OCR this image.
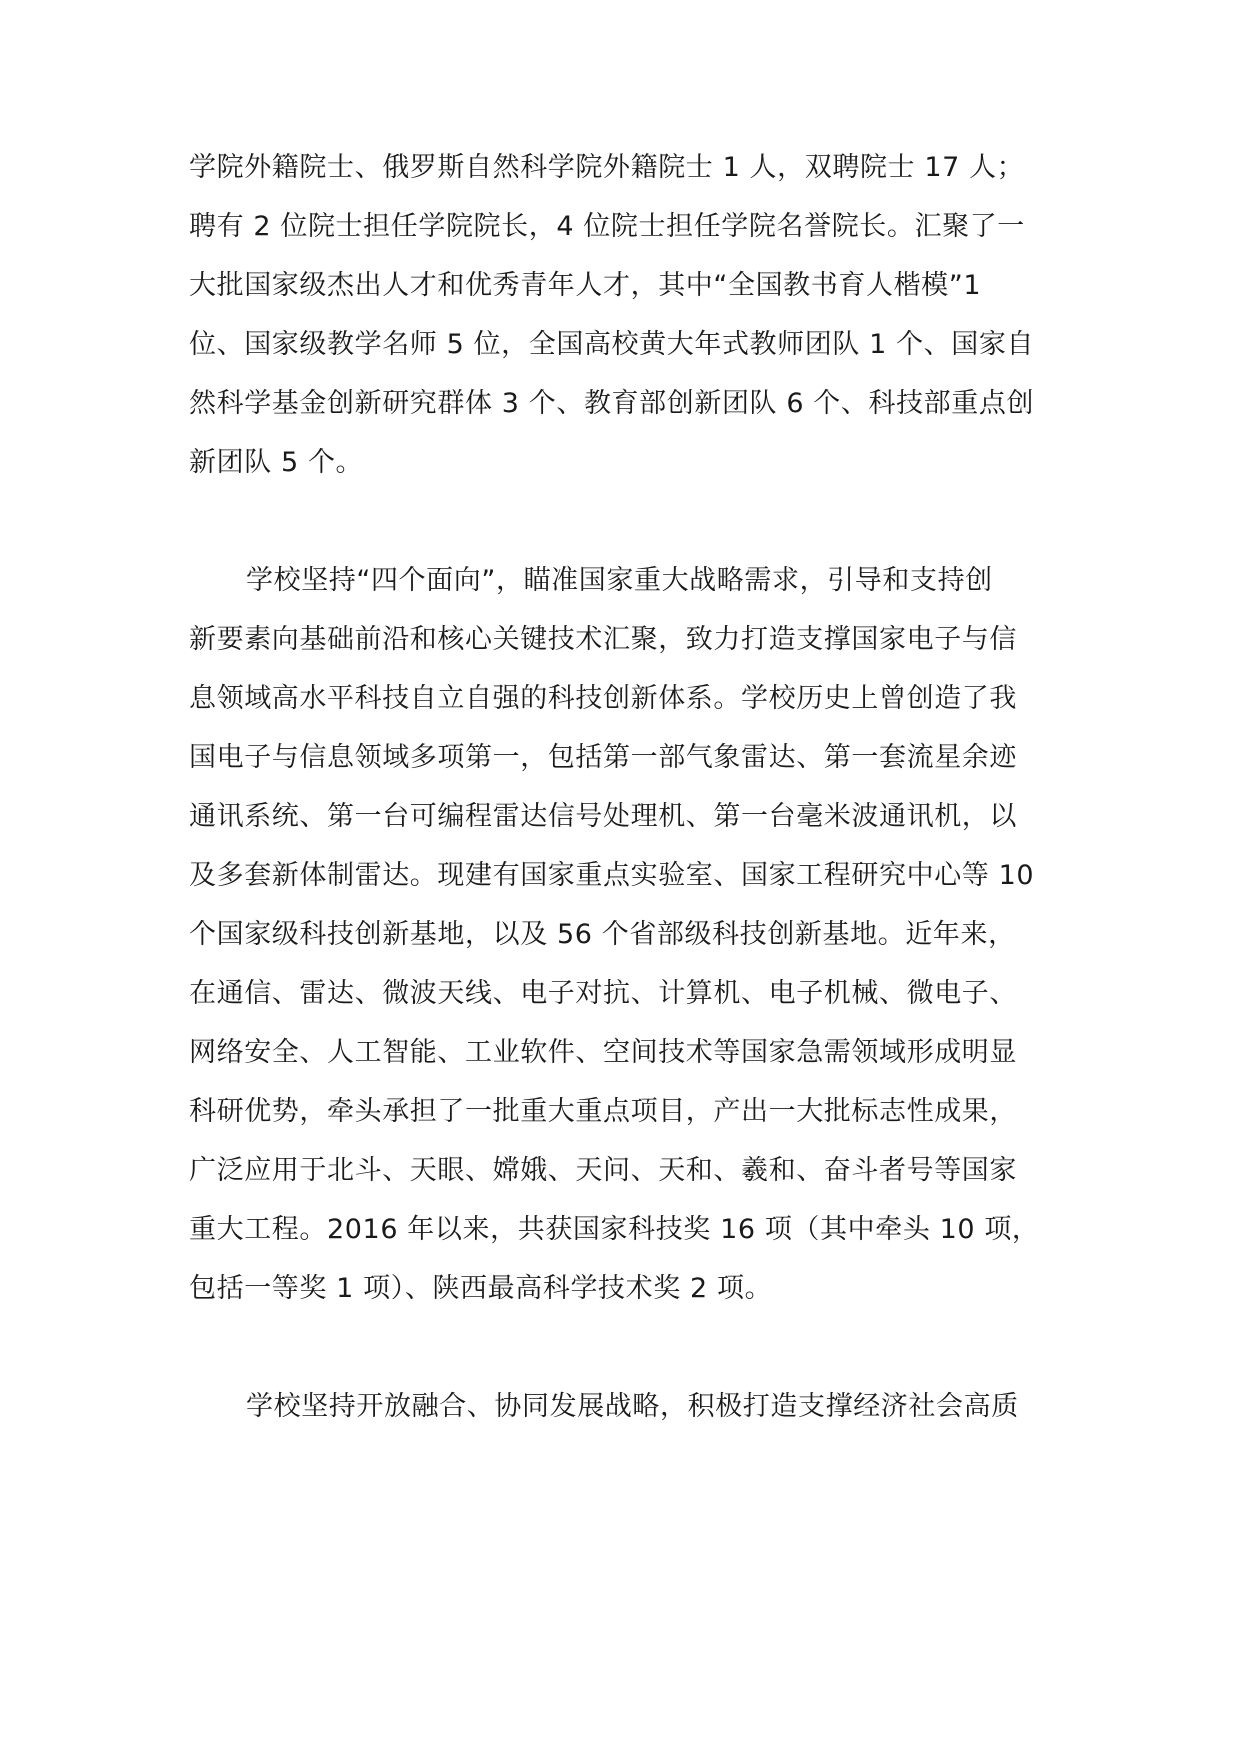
学院外籍院士、俄罗斯自然科学院外籍院士 1 人，双聘院士 17 人；
聘有 2 位院士担任学院院长，4 位院士担任学院名誉院长。汇聚了一
大批国家级杰出人才和优秀青年人才，其中“全国教书育人楷模”1
位、国家级教学名师 5 位，全国高校黄大年式教师团队 1 个、国家自
然科学基金创新研究群体 3 个、教育部创新团队 6 个、科技部重点创
新团队 5 个。
学校坚持“四个面向”，瞄准国家重大战略需求，引导和支持创
新要素向基础前沿和核心关键技术汇聚，致力打造支撑国家电子与信
息领域高水平科技自立自强的科技创新体系。学校历史上曾创造了我
国电子与信息领域多项第一，包括第一部气象雷达、第一套流星余迹
通讯系统、第一台可编程雷达信号处理机、第一台毫米波通讯机，以
及多套新体制雷达。现建有国家重点实验室、国家工程研究中心等 10
个国家级科技创新基地，以及 56 个省部级科技创新基地。近年来，
在通信、雷达、微波天线、电子对抗、计算机、电子机械、微电子、
网络安全、人工智能、工业软件、空间技术等国家急需领域形成明显
科研优势，牵头承担了一批重大重点项目，产出一大批标志性成果，
广泛应用于北斗、天眼、嫦娥、天问、天和、羲和、奋斗者号等国家
重大工程。2016 年以来，共获国家科技奖 16 项（其中牵头 10 项，
包括一等奖 1 项）、陕西最高科学技术奖 2 项。
学校坚持开放融合、协同发展战略，积极打造支撑经济社会高质
